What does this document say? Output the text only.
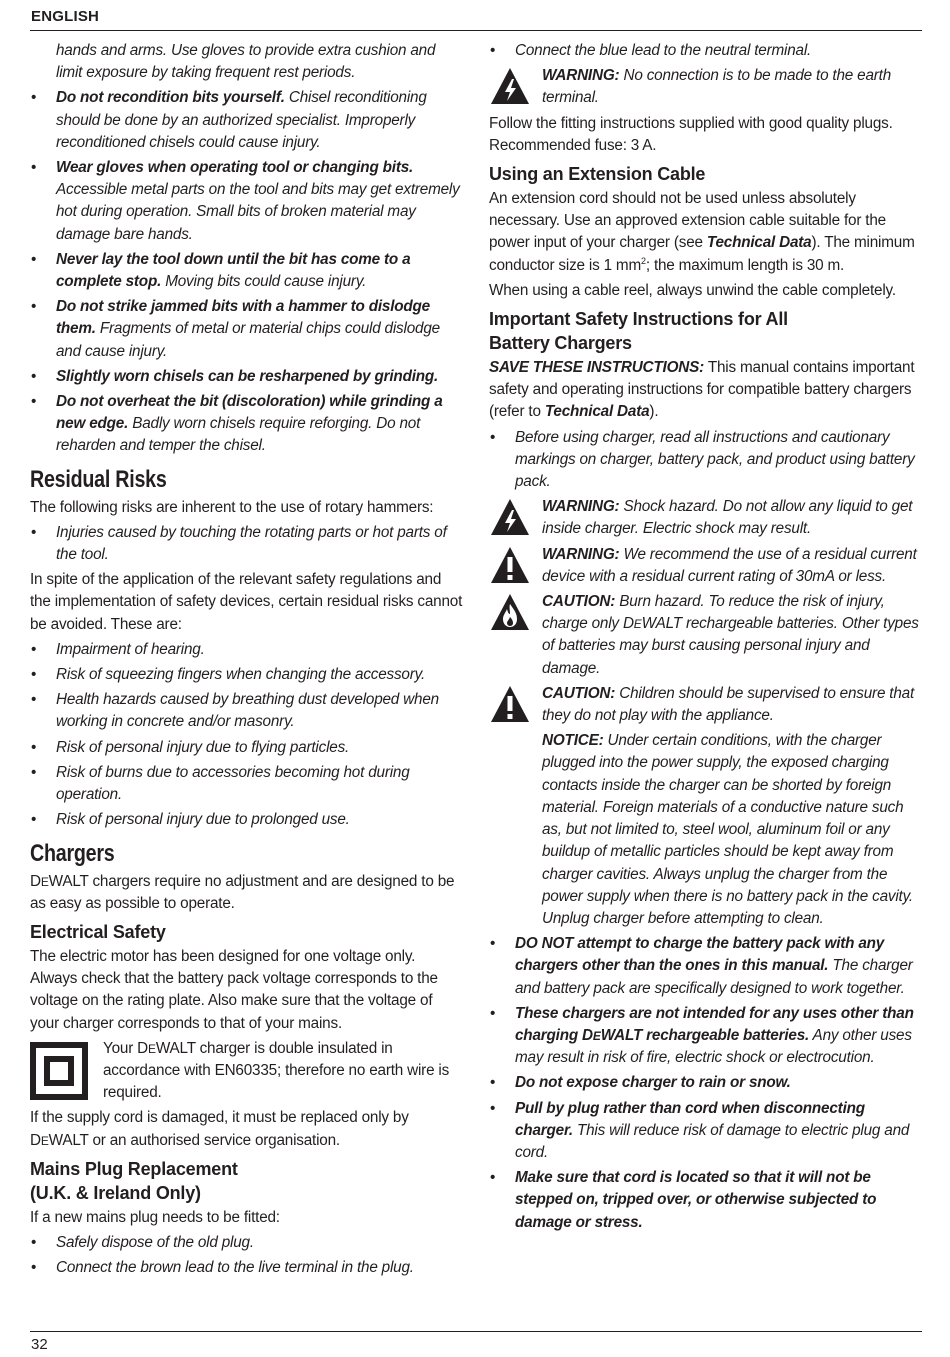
ENGLISH

hands and arms. Use gloves to provide extra cushion and limit exposure by taking frequent rest periods.

• Do not recondition bits yourself. Chisel reconditioning should be done by an authorized specialist. Improperly reconditioned chisels could cause injury.
• Wear gloves when operating tool or changing bits. Accessible metal parts on the tool and bits may get extremely hot during operation. Small bits of broken material may damage bare hands.
• Never lay the tool down until the bit has come to a complete stop. Moving bits could cause injury.
• Do not strike jammed bits with a hammer to dislodge them. Fragments of metal or material chips could dislodge and cause injury.
• Slightly worn chisels can be resharpened by grinding.
• Do not overheat the bit (discoloration) while grinding a new edge. Badly worn chisels require reforging. Do not reharden and temper the chisel.
Residual Risks

The following risks are inherent to the use of rotary hammers:

• Injuries caused by touching the rotating parts or hot parts of the tool.

In spite of the application of the relevant safety regulations and the implementation of safety devices, certain residual risks cannot be avoided. These are:

• Impairment of hearing.
• Risk of squeezing fingers when changing the accessory.
• Health hazards caused by breathing dust developed when working in concrete and/or masonry.
• Risk of personal injury due to flying particles.
• Risk of burns due to accessories becoming hot during operation.
• Risk of personal injury due to prolonged use.
Chargers

DEWALT chargers require no adjustment and are designed to be as easy as possible to operate.

Electrical Safety

The electric motor has been designed for one voltage only. Always check that the battery pack voltage corresponds to the voltage on the rating plate. Also make sure that the voltage of your charger corresponds to that of your mains.

Your DEWALT charger is double insulated in accordance with EN60335; therefore no earth wire is required.

If the supply cord is damaged, it must be replaced only by DEWALT or an authorised service organisation.

Mains Plug Replacement
(U.K. & Ireland Only)

If a new mains plug needs to be fitted:

• Safely dispose of the old plug.
• Connect the brown lead to the live terminal in the plug.
• Connect the blue lead to the neutral terminal.
WARNING: No connection is to be made to the earth terminal.

Follow the fitting instructions supplied with good quality plugs. Recommended fuse: 3 A.

Using an Extension Cable

An extension cord should not be used unless absolutely necessary. Use an approved extension cable suitable for the power input of your charger (see Technical Data). The minimum conductor size is 1 $mm^2$; the maximum length is 30 m.

When using a cable reel, always unwind the cable completely.

Important Safety Instructions for All
Battery Chargers

SAVE THESE INSTRUCTIONS: This manual contains important safety and operating instructions for compatible battery chargers (refer to Technical Data).

• Before using charger, read all instructions and cautionary markings on charger, battery pack, and product using battery pack.
WARNING: Shock hazard. Do not allow any liquid to get inside charger. Electric shock may result.
WARNING: We recommend the use of a residual current device with a residual current rating of 30mA or less.
CAUTION: Burn hazard. To reduce the risk of injury, charge only DEWALT rechargeable batteries. Other types of batteries may burst causing personal injury and damage.
CAUTION: Children should be supervised to ensure that they do not play with the appliance.

NOTICE: Under certain conditions, with the charger plugged into the power supply, the exposed charging contacts inside the charger can be shorted by foreign material. Foreign materials of a conductive nature such as, but not limited to, steel wool, aluminum foil or any buildup of metallic particles should be kept away from charger cavities. Always unplug the charger from the power supply when there is no battery pack in the cavity. Unplug charger before attempting to clean.

• DO NOT attempt to charge the battery pack with any chargers other than the ones in this manual. The charger and battery pack are specifically designed to work together.
• These chargers are not intended for any uses other than charging DEWALT rechargeable batteries. Any other uses may result in risk of fire, electric shock or electrocution.
• Do not expose charger to rain or snow.
• Pull by plug rather than cord when disconnecting charger. This will reduce risk of damage to electric plug and cord.
• Make sure that cord is located so that it will not be stepped on, tripped over, or otherwise subjected to damage or stress.
32
